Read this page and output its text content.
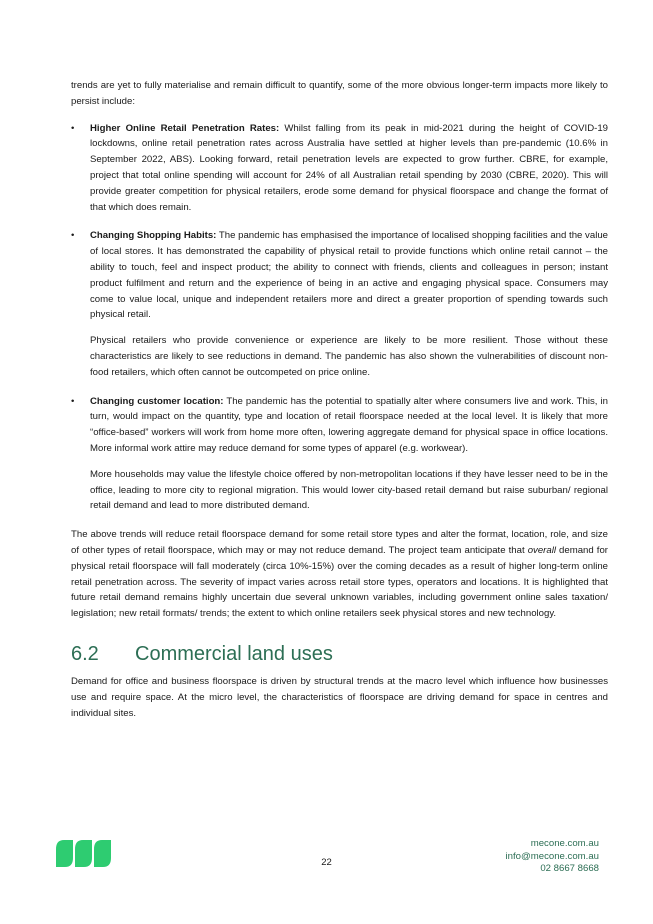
trends are yet to fully materialise and remain difficult to quantify, some of the more obvious longer-term impacts more likely to persist include:

• Higher Online Retail Penetration Rates: Whilst falling from its peak in mid-2021 during the height of COVID-19 lockdowns, online retail penetration rates across Australia have settled at higher levels than pre-pandemic (10.6% in September 2022, ABS). Looking forward, retail penetration levels are expected to grow further. CBRE, for example, project that total online spending will account for 24% of all Australian retail spending by 2030 (CBRE, 2020). This will provide greater competition for physical retailers, erode some demand for physical floorspace and change the format of that which does remain.

• Changing Shopping Habits: The pandemic has emphasised the importance of localised shopping facilities and the value of local stores. It has demonstrated the capability of physical retail to provide functions which online retail cannot – the ability to touch, feel and inspect product; the ability to connect with friends, clients and colleagues in person; instant product fulfilment and return and the experience of being in an active and engaging physical space. Consumers may come to value local, unique and independent retailers more and direct a greater proportion of spending towards such physical retail.

Physical retailers who provide convenience or experience are likely to be more resilient. Those without these characteristics are likely to see reductions in demand. The pandemic has also shown the vulnerabilities of discount non-food retailers, which often cannot be outcompeted on price online.

• Changing customer location: The pandemic has the potential to spatially alter where consumers live and work. This, in turn, would impact on the quantity, type and location of retail floorspace needed at the local level. It is likely that more “office-based” workers will work from home more often, lowering aggregate demand for physical space in office locations. More informal work attire may reduce demand for some types of apparel (e.g. workwear).

More households may value the lifestyle choice offered by non-metropolitan locations if they have lesser need to be in the office, leading to more city to regional migration. This would lower city-based retail demand but raise suburban/ regional retail demand and lead to more distributed demand.

The above trends will reduce retail floorspace demand for some retail store types and alter the format, location, role, and size of other types of retail floorspace, which may or may not reduce demand. The project team anticipate that overall demand for physical retail floorspace will fall moderately (circa 10%-15%) over the coming decades as a result of higher long-term online retail penetration across. The severity of impact varies across retail store types, operators and locations. It is highlighted that future retail demand remains highly uncertain due several unknown variables, including government online sales taxation/ legislation; new retail formats/ trends; the extent to which online retailers seek physical stores and new technology.

6.2	Commercial land uses

Demand for office and business floorspace is driven by structural trends at the macro level which influence how businesses use and require space. At the micro level, the characteristics of floorspace are driving demand for space in centres and individual sites.

22
mecone.com.au
info@mecone.com.au
02 8667 8668
